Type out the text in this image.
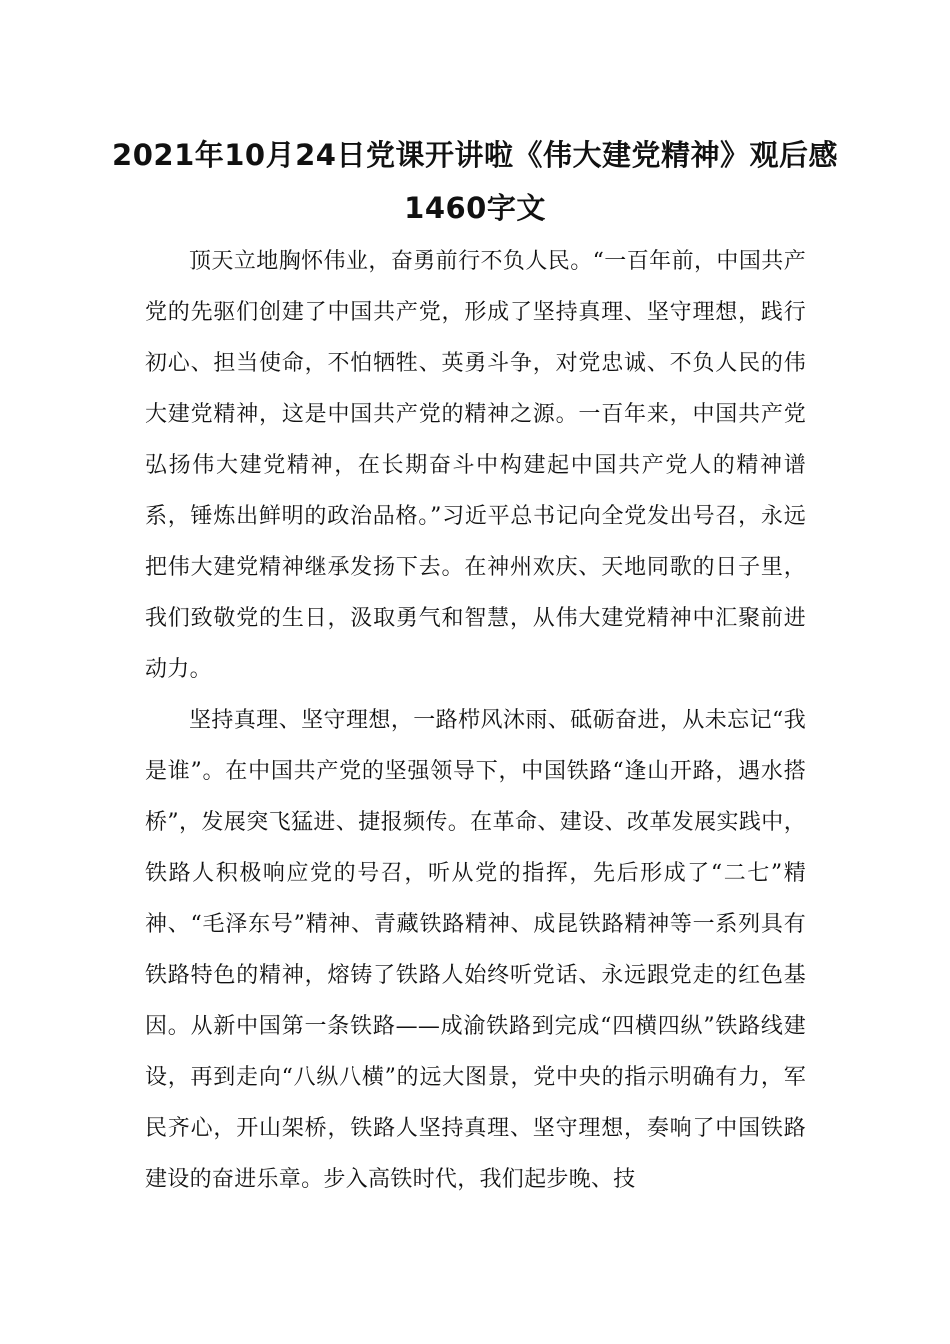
2021年10月24日党课开讲啦《伟大建党精神》观后感1460字文

顶天立地胸怀伟业，奋勇前行不负人民。“一百年前，中国共产党的先驱们创建了中国共产党，形成了坚持真理、坚守理想，践行初心、担当使命，不怕牺牲、英勇斗争，对党忠诚、不负人民的伟大建党精神，这是中国共产党的精神之源。一百年来，中国共产党弘扬伟大建党精神，在长期奋斗中构建起中国共产党人的精神谱系，锤炼出鲜明的政治品格。”习近平总书记向全党发出号召，永远把伟大建党精神继承发扬下去。在神州欢庆、天地同歌的日子里，我们致敬党的生日，汲取勇气和智慧，从伟大建党精神中汇聚前进动力。

坚持真理、坚守理想，一路栉风沐雨、砥砺奋进，从未忘记“我是谁”。在中国共产党的坚强领导下，中国铁路“逢山开路，遇水搭桥”，发展突飞猛进、捷报频传。在革命、建设、改革发展实践中，铁路人积极响应党的号召，听从党的指挥，先后形成了“二七”精神、“毛泽东号”精神、青藏铁路精神、成昆铁路精神等一系列具有铁路特色的精神，熔铸了铁路人始终听党话、永远跟党走的红色基因。从新中国第一条铁路——成渝铁路到完成“四横四纵”铁路线建设，再到走向“八纵八横”的远大图景，党中央的指示明确有力，军民齐心，开山架桥，铁路人坚持真理、坚守理想，奏响了中国铁路建设的奋进乐章。步入高铁时代，我们起步晚、技
